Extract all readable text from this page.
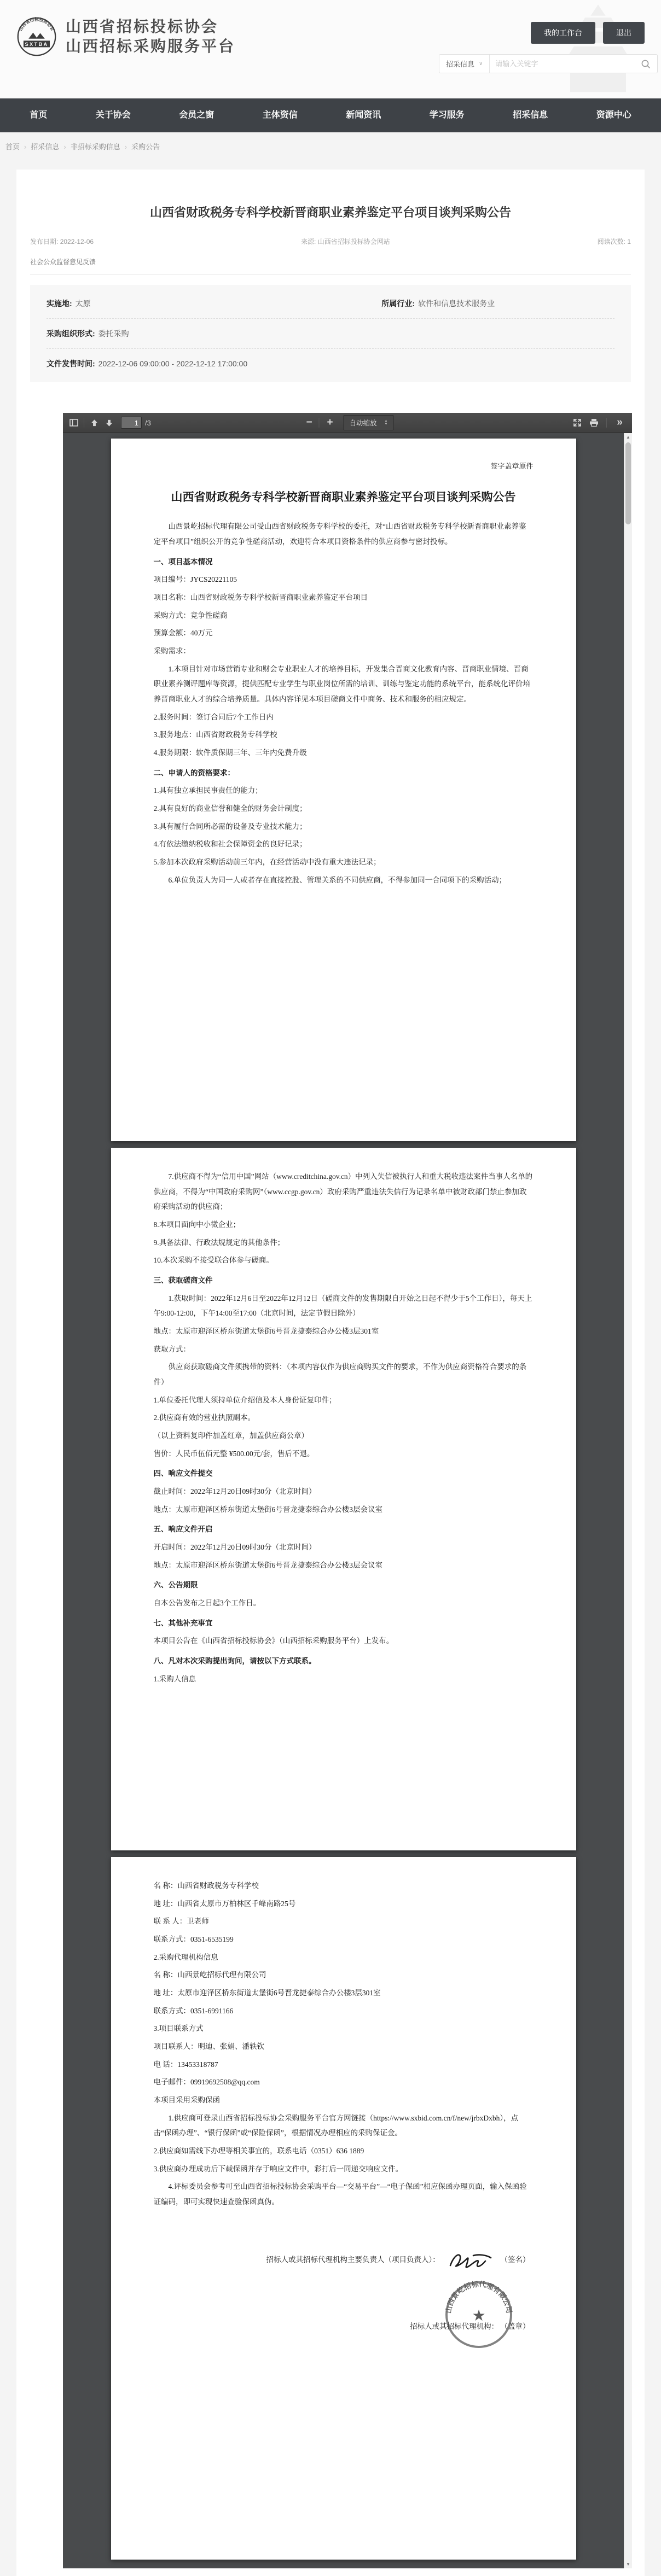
山西省招标投标协会
SXTBA
山西省招标投标协会
山西招标采购服务平台
我的工作台	退出
招采信息 ∨
请输入关键字
首页	关于协会	会员之窗	主体资信	新闻资讯	学习服务	招采信息	资源中心
首页 › 招采信息 › 非招标采购信息 › 采购公告
山西省财政税务专科学校新晋商职业素养鉴定平台项目谈判采购公告
发布日期: 2022-12-06	来源: 山西省招标投标协会网站	阅读次数: 1
社会公众监督意见反馈
实施地: 太原	所属行业: 软件和信息技术服务业
采购组织形式: 委托采购
文件发售时间: 2022-12-06 09:00:00 - 2022-12-12 17:00:00
1
/3	−	+	自动缩放 ▲
▼	»
签字盖章原件
山西省财政税务专科学校新晋商职业素养鉴定平台项目谈判采购公告
山西景屹招标代理有限公司受山西省财政税务专科学校的委托，对“山西省财政税务专科学校新晋商职业素养鉴定平台项目”组织公开的竞争性磋商活动，欢迎符合本项目资格条件的供应商参与密封投标。
一、项目基本情况
项目编号：JYCS20221105
项目名称：山西省财政税务专科学校新晋商职业素养鉴定平台项目
采购方式：竞争性磋商
预算金额：40万元
采购需求：
1.本项目针对市场营销专业和财会专业职业人才的培养目标，开发集合晋商文化教育内容、晋商职业情境、晋商职业素养测评题库等资源，提供匹配专业学生与职业岗位所需的培训、训练与鉴定功能的系统平台，能系统化评价培养晋商职业人才的综合培养质量。具体内容详见本项目磋商文件中商务、技术和服务的相应规定。
2.服务时间：签订合同后7个工作日内
3.服务地点：山西省财政税务专科学校
4.服务期限：软件质保期三年、三年内免费升级
二、申请人的资格要求：
1.具有独立承担民事责任的能力；
2.具有良好的商业信誉和健全的财务会计制度；
3.具有履行合同所必需的设备及专业技术能力；
4.有依法缴纳税收和社会保障资金的良好记录；
5.参加本次政府采购活动前三年内，在经营活动中没有重大违法记录；
6.单位负责人为同一人或者存在直接控股、管理关系的不同供应商，不得参加同一合同项下的采购活动；
7.供应商不得为“信用中国”网站（www.creditchina.gov.cn）中列入失信被执行人和重大税收违法案件当事人名单的供应商，不得为“中国政府采购网”（www.ccgp.gov.cn）政府采购严重违法失信行为记录名单中被财政部门禁止参加政府采购活动的供应商；
8.本项目面向中小微企业；
9.具备法律、行政法规规定的其他条件；
10.本次采购不接受联合体参与磋商。
三、获取磋商文件
1.获取时间：2022年12月6日至2022年12月12日（磋商文件的发售期限自开始之日起不得少于5个工作日），每天上午9:00-12:00，下午14:00至17:00（北京时间，法定节假日除外）
地点：太原市迎泽区桥东街道太堡街6号晋龙捷泰综合办公楼3层301室
获取方式：
供应商获取磋商文件须携带的资料：（本项内容仅作为供应商购买文件的要求，不作为供应商资格符合要求的条件）
1.单位委托代理人须持单位介绍信及本人身份证复印件；
2.供应商有效的营业执照副本。
（以上资料复印件加盖红章，加盖供应商公章）
售价：人民币伍佰元整 ¥500.00元/套，售后不退。
四、响应文件提交
截止时间：2022年12月20日09时30分（北京时间）
地点：太原市迎泽区桥东街道太堡街6号晋龙捷泰综合办公楼3层会议室
五、响应文件开启
开启时间：2022年12月20日09时30分（北京时间）
地点：太原市迎泽区桥东街道太堡街6号晋龙捷泰综合办公楼3层会议室
六、公告期限
自本公告发布之日起3个工作日。
七、其他补充事宜
本项目公告在《山西省招标投标协会》（山西招标采购服务平台）上发布。
八、凡对本次采购提出询问，请按以下方式联系。
1.采购人信息
名 称：山西省财政税务专科学校
地 址：山西省太原市万柏林区千峰南路25号
联 系 人：卫老师
联系方式：0351-6535199
2.采购代理机构信息
名 称：山西景屹招标代理有限公司
地 址：太原市迎泽区桥东街道太堡街6号晋龙捷泰综合办公楼3层301室
联系方式：0351-6991166
3.项目联系方式
项目联系人：明迪、张娟、潘轶钦
电 话：13453318787
电子邮件：09919692508@qq.com
本项目采用采购保函
1.供应商可登录山西省招标投标协会采购服务平台官方网链接（https://www.sxbid.com.cn/f/new/jrbxDxbh），点击“保函办理”、“银行保函”或“保险保函”，根据情况办理相应的采购保证金。
2.供应商如需线下办理等相关事宜的，联系电话（0351）636 1889
3.供应商办理成功后下载保函并存于响应文件中，彩打后一同递交响应文件。
4.评标委员会参考可至山西省招标投标协会采购平台—“交易平台”—“电子保函”相应保函办理页面，输入保函验证编码，即可实现快速查验保函真伪。
招标人或其招标代理机构主要负责人（项目负责人）：	（签名）
招标人或其招标代理机构：
山西景屹招标代理有限公司
★
（盖章）
▲
▼
